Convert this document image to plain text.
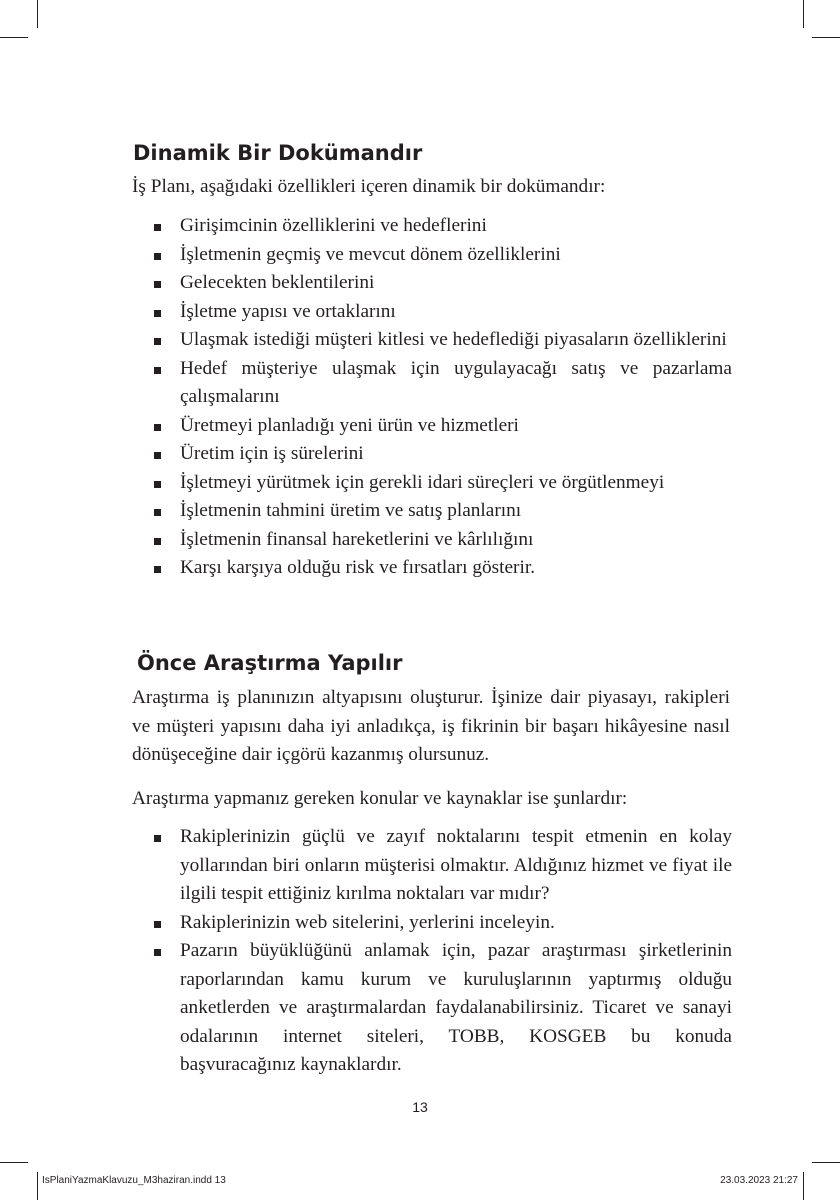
Dinamik Bir Dokümandır

İş Planı, aşağıdaki özellikleri içeren dinamik bir dokümandır:

Girişimcinin özelliklerini ve hedeflerini
İşletmenin geçmiş ve mevcut dönem özelliklerini
Gelecekten beklentilerini
İşletme yapısı ve ortaklarını
Ulaşmak istediği müşteri kitlesi ve hedeflediği piyasaların özelliklerini
Hedef müşteriye ulaşmak için uygulayacağı satış ve pazarlama çalışmalarını
Üretmeyi planladığı yeni ürün ve hizmetleri
Üretim için iş sürelerini
İşletmeyi yürütmek için gerekli idari süreçleri ve örgütlenmeyi
İşletmenin tahmini üretim ve satış planlarını
İşletmenin finansal hareketlerini ve kârlılığını
Karşı karşıya olduğu risk ve fırsatları gösterir.
Önce Araştırma Yapılır

Araştırma iş planınızın altyapısını oluşturur. İşinize dair piyasayı, rakipleri ve müşteri yapısını daha iyi anladıkça, iş fikrinin bir başarı hikâyesine nasıl dönüşeceğine dair içgörü kazanmış olursunuz.

Araştırma yapmanız gereken konular ve kaynaklar ise şunlardır:

Rakiplerinizin güçlü ve zayıf noktalarını tespit etmenin en kolay yollarından biri onların müşterisi olmaktır. Aldığınız hizmet ve fiyat ile ilgili tespit ettiğiniz kırılma noktaları var mıdır?
Rakiplerinizin web sitelerini, yerlerini inceleyin.
Pazarın büyüklüğünü anlamak için, pazar araştırması şirketlerinin raporlarından kamu kurum ve kuruluşlarının yaptırmış olduğu anketlerden ve araştırmalardan faydalanabilirsiniz. Ticaret ve sanayi odalarının internet siteleri, TOBB, KOSGEB bu konuda başvuracağınız kaynaklardır.
13
IsPlaniYazmaKlavuzu_M3haziran.indd 13	23.03.2023 21:27
